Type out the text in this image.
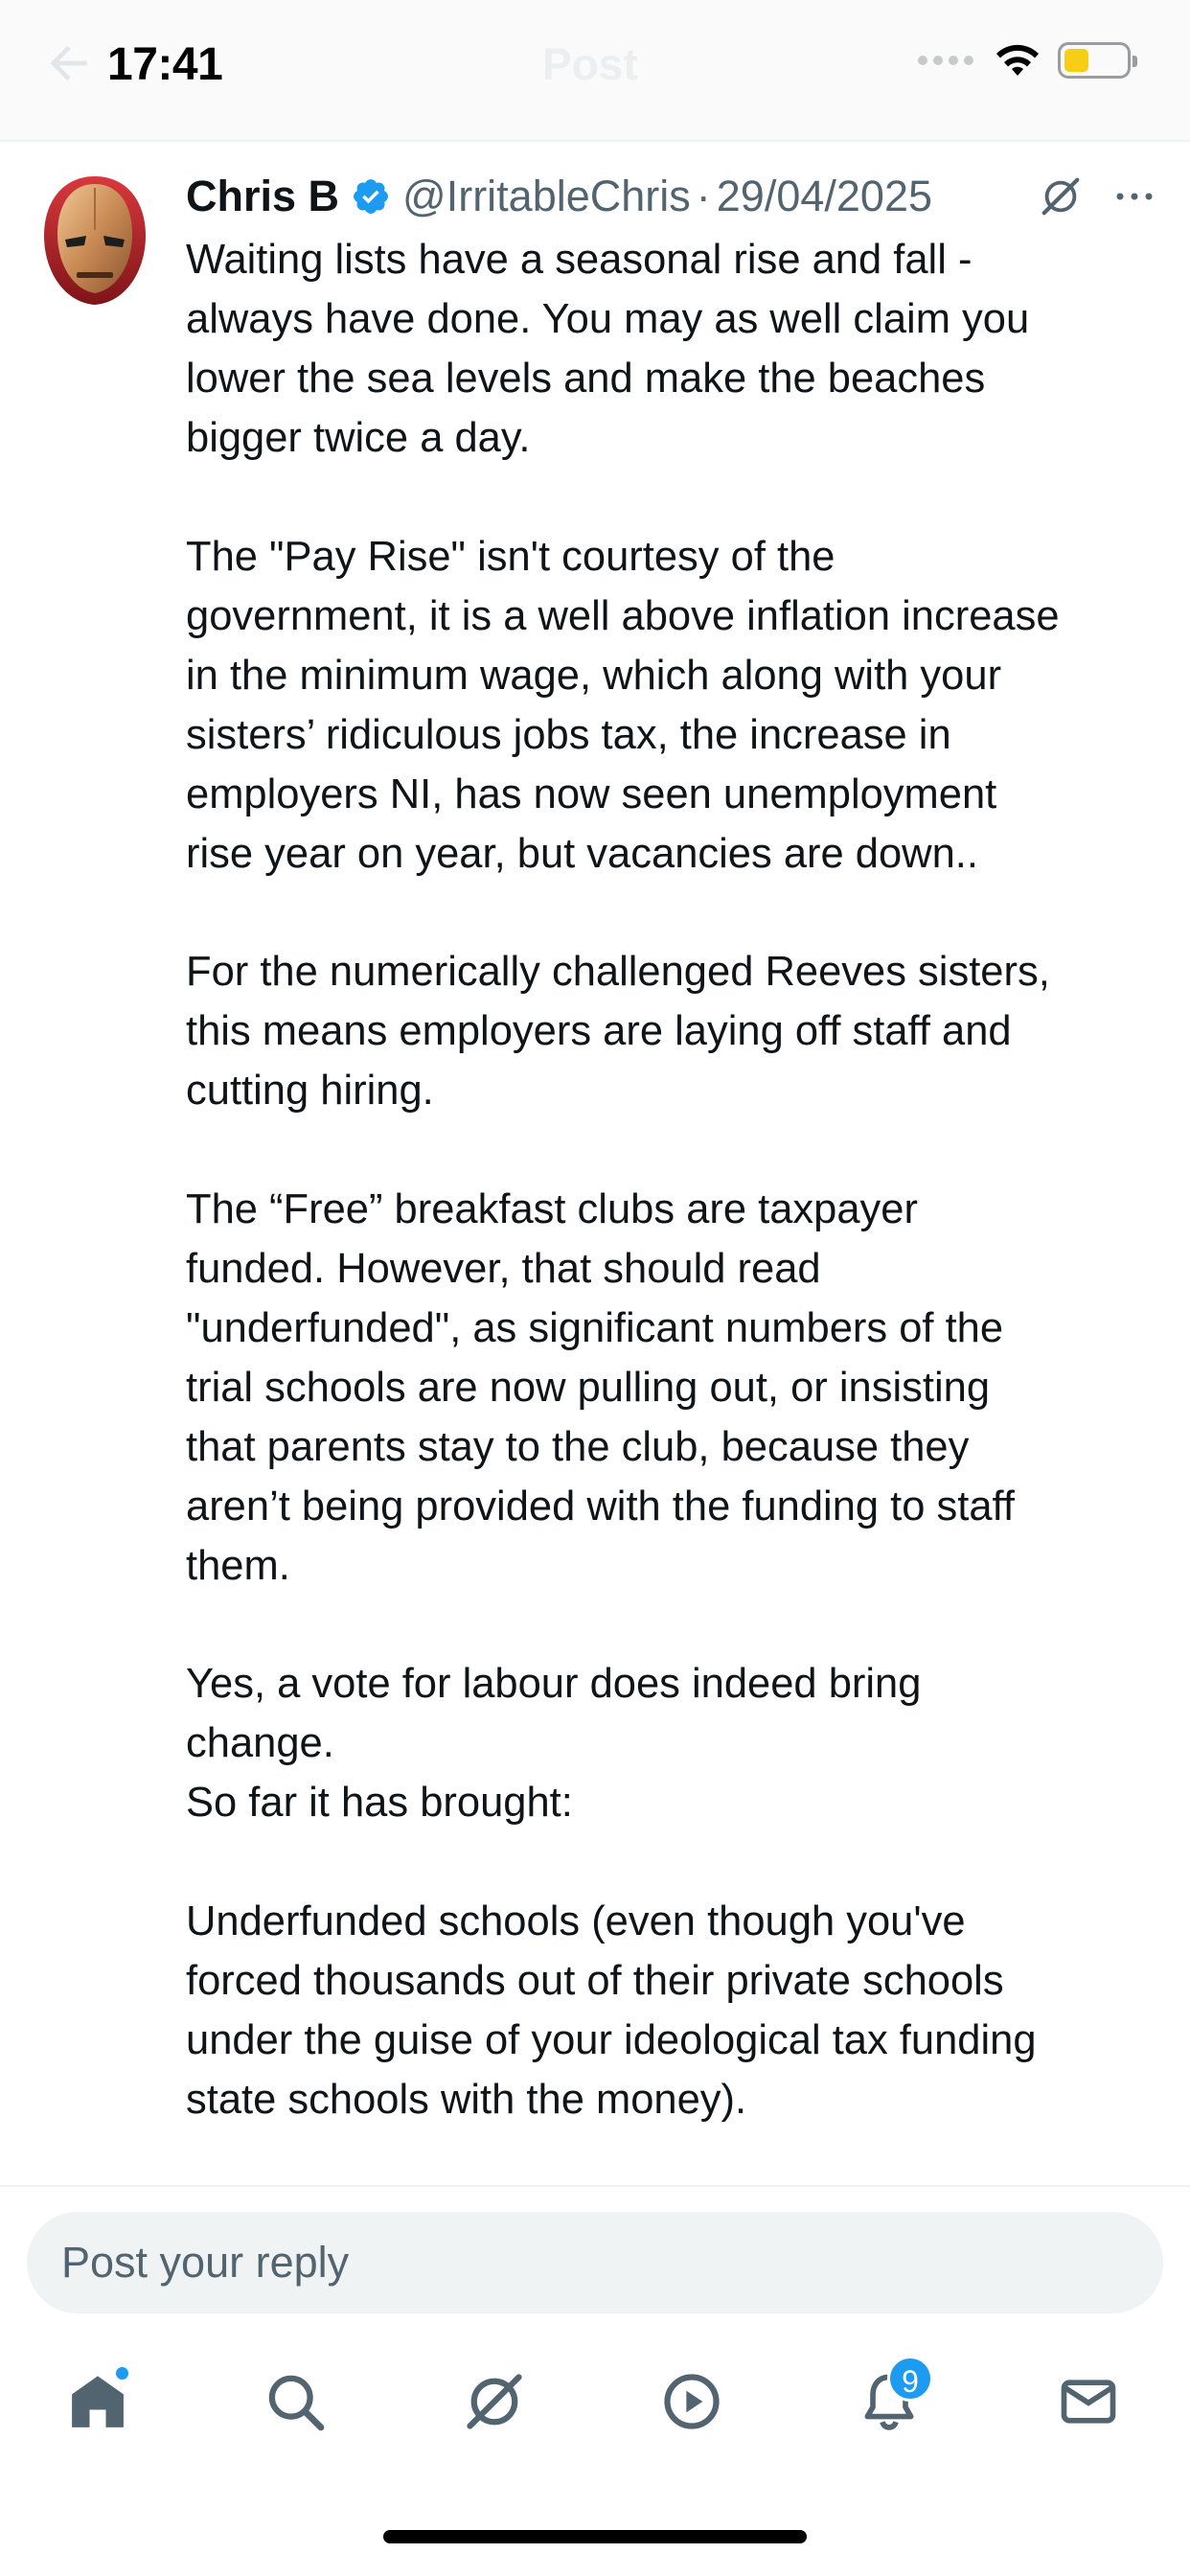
Post
17:41
Chris B @IrritableChris · 29/04/2025

Waiting lists have a seasonal rise and fall -
always have done. You may as well claim you
lower the sea levels and make the beaches
bigger twice a day.

The "Pay Rise" isn't courtesy of the
government, it is a well above inflation increase
in the minimum wage, which along with your
sisters’ ridiculous jobs tax, the increase in
employers NI, has now seen unemployment
rise year on year, but vacancies are down..

For the numerically challenged Reeves sisters,
this means employers are laying off staff and
cutting hiring.

The “Free” breakfast clubs are taxpayer
funded. However, that should read
"underfunded", as significant numbers of the
trial schools are now pulling out, or insisting
that parents stay to the club, because they
aren’t being provided with the funding to staff
them.

Yes, a vote for labour does indeed bring
change.
So far it has brought:

Underfunded schools (even though you've
forced thousands out of their private schools
under the guise of your ideological tax funding
state schools with the money).

Post your reply
9
